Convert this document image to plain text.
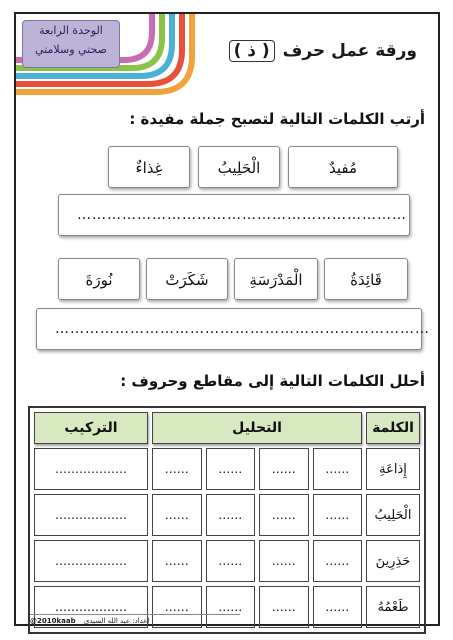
الوحدة الرابعة
صحتي وسلامتي	ورقة عمل حرف ( ذ )
أرتب الكلمات التالية لتصبح جملة مفيدة :
مُفيدٌ
الْحَلِيبُ
غِذاءٌ
…………………………………………………………
قَائِدَةُ
الْمَدْرَسَةِ
شَكَرَتْ
نُورَةَ
…………………………………………………………………
أحلل الكلمات التالية إلى مقاطع وحروف :
الكلمة	التحليل				التركيب
إِذاعَةِ	……	……	……	……	………………
الْحَلِيبُ	……	……	……	……	………………
حَذِرِينَ	……	……	……	……	………………
طَعْمُهُ	……	……	……	……	………………
@2010kaab إعداد: عبد الله السيدي
